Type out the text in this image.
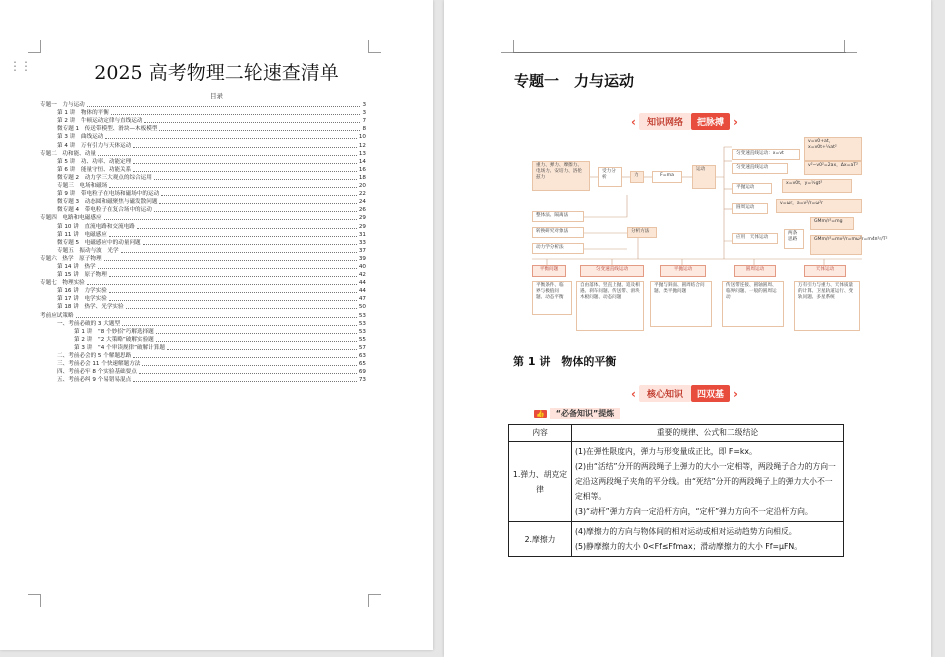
⋮⋮	2025 高考物理二轮速查清单
目录
专题一　力与运动	3
第 1 讲　物体的平衡	3
第 2 讲　牛顿运动定律与直线运动	7
微专题 1　传送带模型、滑块—木板模型	8
第 3 讲　曲线运动	10
第 4 讲　万有引力与天体运动	12
专题二　功和能、动量	13
第 5 讲　功、功率、动能定理	14
第 6 讲　能量守恒、功能关系	16
微专题 2　动力学三大观点的综合运用	18
专题三　电场和磁场	20
第 9 讲　带电粒子在电场和磁场中的运动	22
微专题 3　动态圆和磁聚焦与磁发散问题	24
微专题 4　带电粒子在复合场中的运动	26
专题四　电路和电磁感应	29
第 10 讲　直流电路和交流电路	29
第 11 讲　电磁感应	31
微专题 5　电磁感应中的动量问题	33
专题五　振动与波　光学	37
专题六　热学　原子物理	39
第 14 讲　热学	40
第 15 讲　原子物理	42
专题七　物理实验	44
第 16 讲　力学实验	44
第 17 讲　电学实验	47
第 18 讲　热学、光学实验	50
考前应试策略	53
一、考前必破的 3 大题型	53
第 1 讲　“8 个妙招”巧解选择题	53
第 2 讲　“2 大策略”破解实验题	55
第 3 讲　“4 个审读规律”破解计算题	57
二、考前必会的 5 个解题思路	63
三、考前必会 11 个快速解题方法	65
四、考前必牢 8 个实验基础要点	69
五、考前必纠 9 个易错易混点	73
专题一　力与运动
‹	知识网络	把脉搏 ›
重力、弹力、摩擦力、电场力、安培力、洛伦兹力
受力分析	力	F=ma
运动
匀变速直线运动：x=vt
匀变速直线运动
平抛运动
圆周运动
应用　天体运动
v=v0+at，x=v0t+½at²
v²−v0²=2ax，Δx=aT²
x=v0t，y=½gt²
v=ωr，a=v²/r=ω²r
两条思路
GMm/r²=mg
GMm/r²=mv²/r=mω²r=m4π²r/T²
整体法、隔离法
转换研究对象法
动力学分析法
分析方法
平衡问题	匀变速直线运动	平抛运动	圆周运动	天体运动
平衡条件、临界与极值问题、动态平衡
自由落体、竖直上抛、追及相遇、刹车问题、传送带、滑块木板问题、动态问题
平抛与斜面、圆周结合问题、类平抛问题
传送带连接、圆轴圆周、临界问题、一般的圆周运动
万有引力与重力、天体质量的计算、卫星轨道运行、变轨问题、多星系统
第 1 讲　物体的平衡
‹	核心知识	四双基 ›
👍	“必备知识”提炼
内容	重要的规律、公式和二级结论
1.弹力、胡克定律	(1)在弹性限度内，弹力与形变量成正比，即 F=kx。
(2)由“活结”分开的两段绳子上弹力的大小一定相等，两段绳子合力的方向一定沿这两段绳子夹角的平分线。由“死结”分开的两段绳子上的弹力大小不一定相等。
(3)“动杆”弹力方向一定沿杆方向，“定杆”弹力方向不一定沿杆方向。

2.摩擦力	(4)摩擦力的方向与物体间的相对运动或相对运动趋势方向相反。
(5)静摩擦力的大小 0<Ff≤Ffmax；滑动摩擦力的大小 Ff=μFN。
